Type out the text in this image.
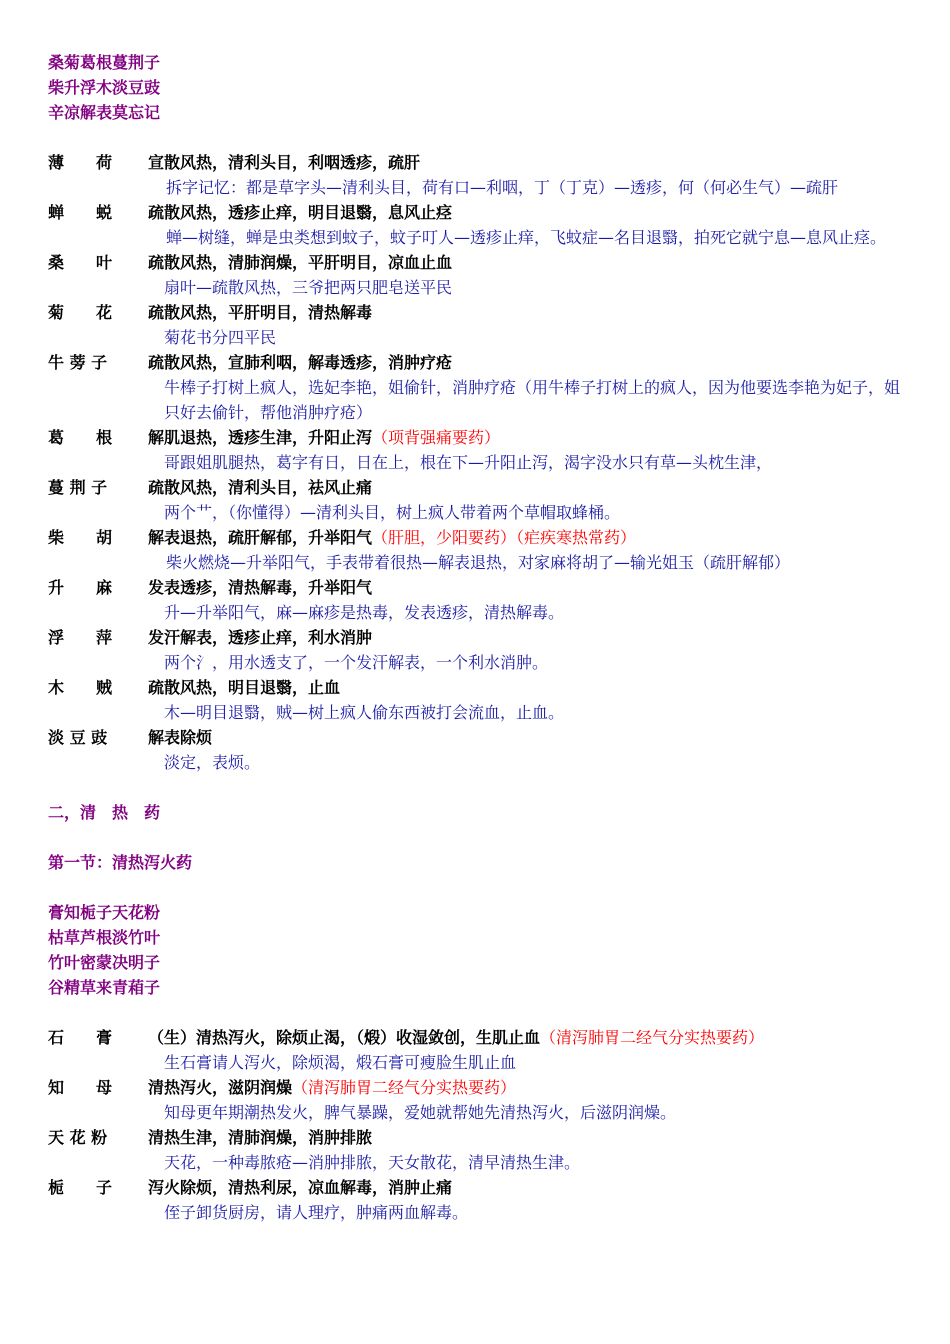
桑菊葛根蔓荆子
柴升浮木淡豆豉
辛凉解表莫忘记
薄　　荷 宣散风热，清利头目，利咽透疹，疏肝
拆字记忆：都是草字头—清利头目，荷有口—利咽，丁（丁克）—透疹，何（何必生气）—疏肝
蝉　　蜕 疏散风热，透疹止痒，明目退翳，息风止痉
蝉—树缝，蝉是虫类想到蚊子，蚊子叮人—透疹止痒，飞蚊症—名目退翳，拍死它就宁息—息风止痉。
桑　　叶 疏散风热，清肺润燥，平肝明目，凉血止血
扇叶—疏散风热，三爷把两只肥皂送平民
菊　　花 疏散风热，平肝明目，清热解毒
菊花书分四平民
牛 蒡 子	疏散风热，宣肺利咽，解毒透疹，消肿疗疮
牛棒子打树上疯人，选妃李艳，姐偷针，消肿疗疮（用牛棒子打树上的疯人，因为他要选李艳为妃子，姐只好去偷针，帮他消肿疗疮）
葛　　根 解肌退热，透疹生津，升阳止泻（项背强痛要药）
哥跟姐肌腿热，葛字有日，日在上，根在下—升阳止泻，渴字没水只有草—头枕生津，
蔓 荆 子	疏散风热，清利头目，祛风止痛
两个艹，（你懂得）—清利头目，树上疯人带着两个草帽取蜂桶。
柴　　胡 解表退热，疏肝解郁，升举阳气（肝胆，少阳要药）（疟疾寒热常药）
柴火燃烧—升举阳气，手表带着很热—解表退热，对家麻将胡了—输光姐玉（疏肝解郁）
升　　麻 发表透疹，清热解毒，升举阳气
升—升举阳气，麻—麻疹是热毒，发表透疹，清热解毒。
浮　　萍 发汗解表，透疹止痒，利水消肿
两个氵，用水透支了，一个发汗解表，一个利水消肿。
木　　贼 疏散风热，明目退翳，止血
木—明目退翳，贼—树上疯人偷东西被打会流血，止血。
淡 豆 豉	解表除烦
淡定，表烦。
二，清　热　药
第一节：清热泻火药
膏知栀子天花粉
枯草芦根淡竹叶
竹叶密蒙决明子
谷精草来青葙子
石　　膏 （生）清热泻火，除烦止渴，（煅）收湿敛创，生肌止血（清泻肺胃二经气分实热要药）
生石膏请人泻火，除烦渴，煅石膏可瘦脸生肌止血
知　　母 清热泻火，滋阴润燥（清泻肺胃二经气分实热要药）
知母更年期潮热发火，脾气暴躁，爱她就帮她先清热泻火，后滋阴润燥。
天 花 粉	清热生津，清肺润燥，消肿排脓
天花，一种毒脓疮—消肿排脓，天女散花，清早清热生津。
栀　　子 泻火除烦，清热利尿，凉血解毒，消肿止痛
侄子卸货厨房，请人理疗，肿痛两血解毒。
